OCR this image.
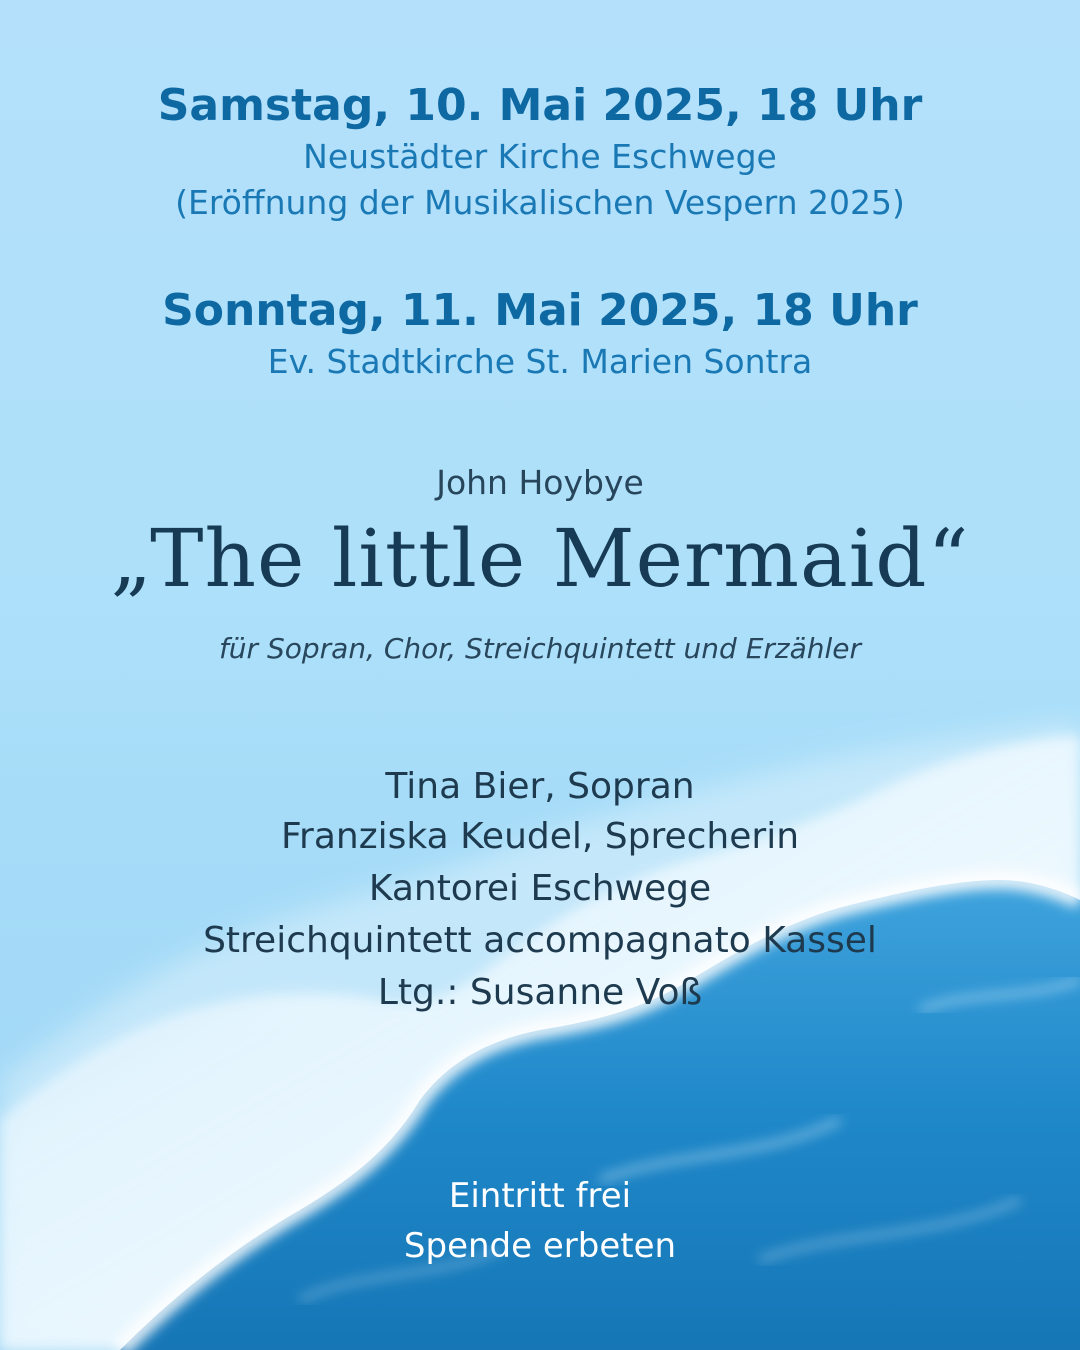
Samstag, 10. Mai 2025, 18 Uhr
Neustädter Kirche Eschwege
(Eröffnung der Musikalischen Vespern 2025)
Sonntag, 11. Mai 2025, 18 Uhr
Ev. Stadtkirche St. Marien Sontra
John Hoybye
„The little Mermaid“
für Sopran, Chor, Streichquintett und Erzähler
Tina Bier, Sopran
Franziska Keudel, Sprecherin
Kantorei Eschwege
Streichquintett accompagnato Kassel
Ltg.: Susanne Voß
Eintritt frei
Spende erbeten
